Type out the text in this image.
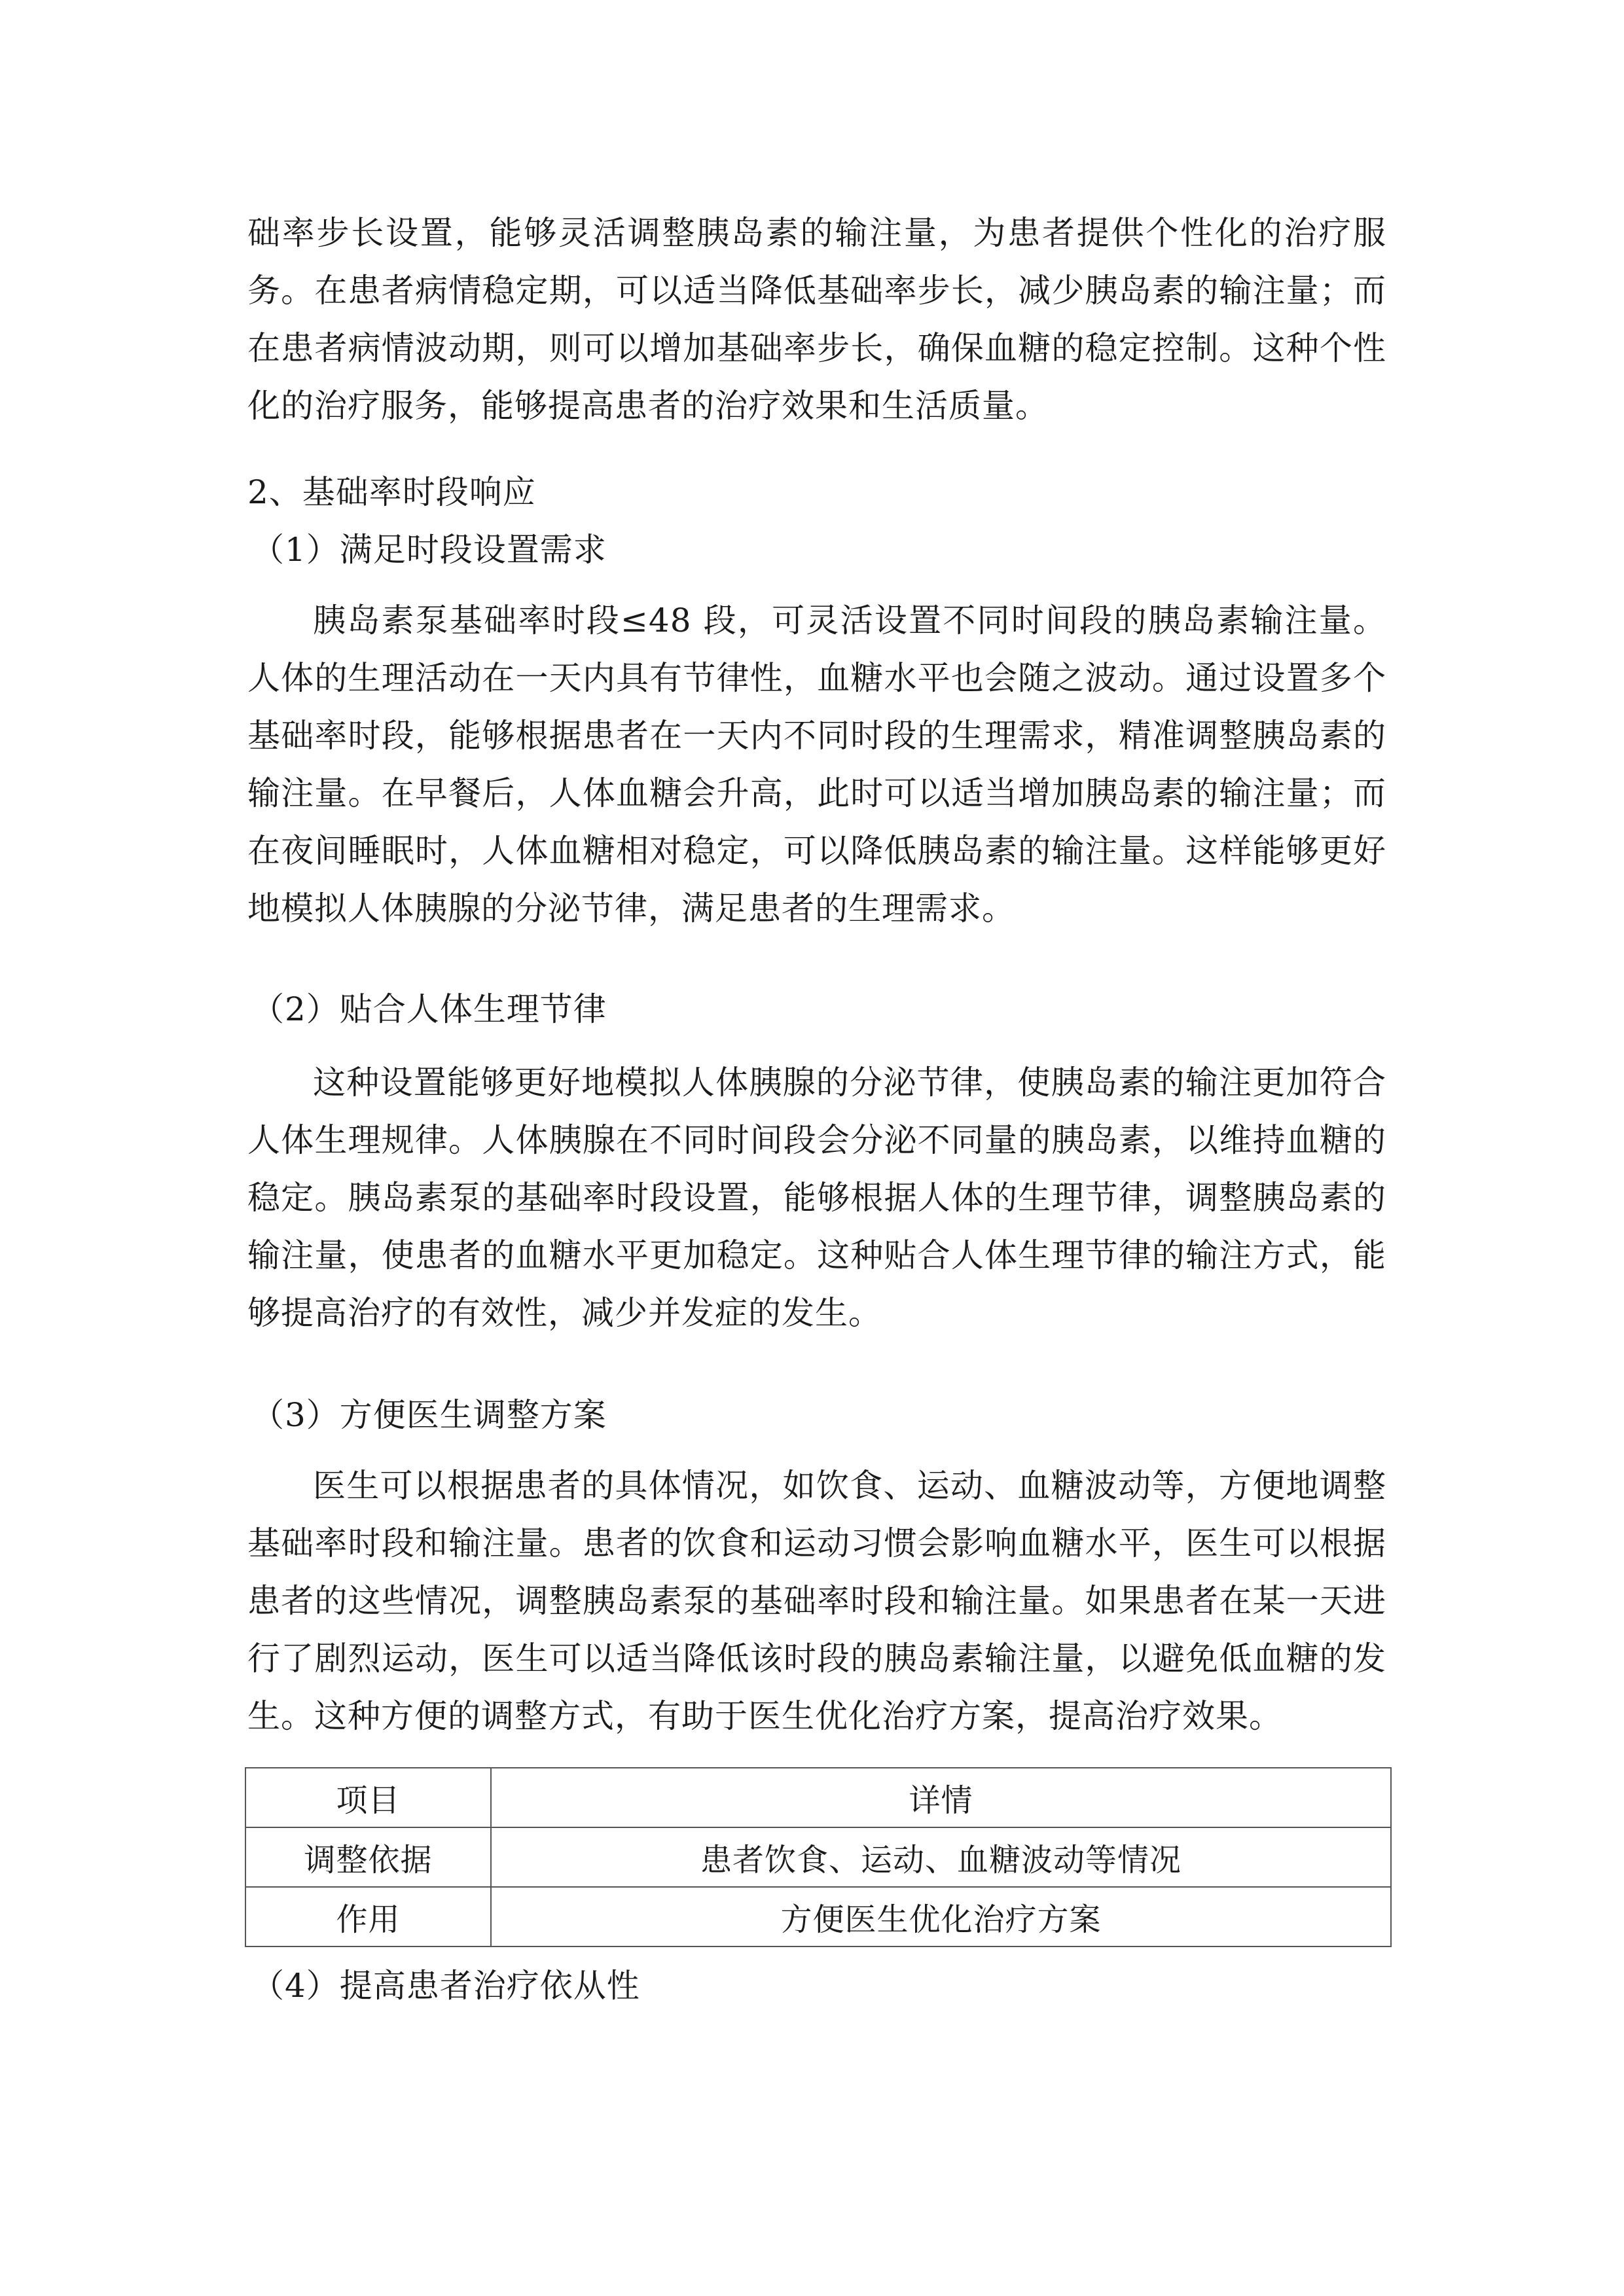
础率步长设置，能够灵活调整胰岛素的输注量，为患者提供个性化的治疗服务。在患者病情稳定期，可以适当降低基础率步长，减少胰岛素的输注量；而在患者病情波动期，则可以增加基础率步长，确保血糖的稳定控制。这种个性化的治疗服务，能够提高患者的治疗效果和生活质量。

2、基础率时段响应
（1）满足时段设置需求

胰岛素泵基础率时段≤48 段，可灵活设置不同时间段的胰岛素输注量。人体的生理活动在一天内具有节律性，血糖水平也会随之波动。通过设置多个基础率时段，能够根据患者在一天内不同时段的生理需求，精准调整胰岛素的输注量。在早餐后，人体血糖会升高，此时可以适当增加胰岛素的输注量；而在夜间睡眠时，人体血糖相对稳定，可以降低胰岛素的输注量。这样能够更好地模拟人体胰腺的分泌节律，满足患者的生理需求。

（2）贴合人体生理节律

这种设置能够更好地模拟人体胰腺的分泌节律，使胰岛素的输注更加符合人体生理规律。人体胰腺在不同时间段会分泌不同量的胰岛素，以维持血糖的稳定。胰岛素泵的基础率时段设置，能够根据人体的生理节律，调整胰岛素的输注量，使患者的血糖水平更加稳定。这种贴合人体生理节律的输注方式，能够提高治疗的有效性，减少并发症的发生。

（3）方便医生调整方案

医生可以根据患者的具体情况，如饮食、运动、血糖波动等，方便地调整基础率时段和输注量。患者的饮食和运动习惯会影响血糖水平，医生可以根据患者的这些情况，调整胰岛素泵的基础率时段和输注量。如果患者在某一天进行了剧烈运动，医生可以适当降低该时段的胰岛素输注量，以避免低血糖的发生。这种方便的调整方式，有助于医生优化治疗方案，提高治疗效果。

项目	详情
调整依据	患者饮食、运动、血糖波动等情况
作用	方便医生优化治疗方案
（4）提高患者治疗依从性
